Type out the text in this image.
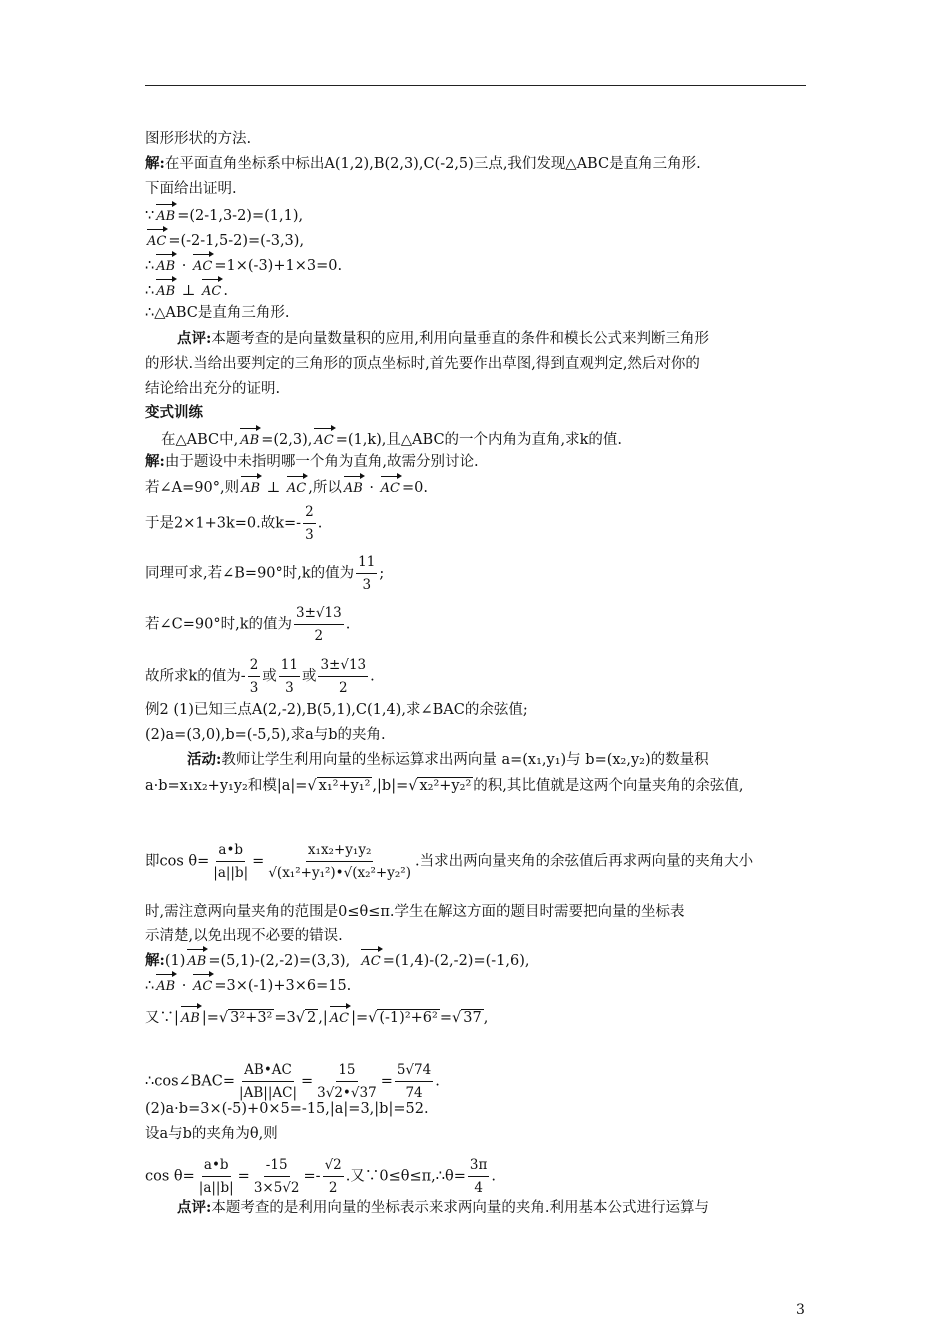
图形形状的方法.
解:在平面直角坐标系中标出A(1,2),B(2,3),C(-2,5)三点,我们发现△ABC是直角三角形.
下面给出证明.
∵ AB =(2-1,3-2)=(1,1),
AC =(-2-1,5-2)=(-3,3),
∴ AB · AC =1×(-3)+1×3=0.
∴ AB ⊥ AC .
∴△ABC是直角三角形.
点评:本题考查的是向量数量积的应用,利用向量垂直的条件和模长公式来判断三角形
的形状.当给出要判定的三角形的顶点坐标时,首先要作出草图,得到直观判定,然后对你的
结论给出充分的证明.
变式训练
在△ABC中, AB =(2,3), AC =(1,k),且△ABC的一个内角为直角,求k的值.
解:由于题设中未指明哪一个角为直角,故需分别讨论.
若∠A=90°,则 AB ⊥ AC ,所以 AB · AC =0.
于是2×1+3k=0.故$k=- \frac{2}{3}$ .
同理可求,若∠B=90°时,k的值为 $\frac{11}{3}$ ;
若∠C=90°时,k的值为 $\frac{3\pm√13}{2}$ .
故所求k的值为- $\frac{2}{3}$ 或 $\frac{11}{3}$ 或 $\frac{3\pm√13}{2}$ .
例2 (1)已知三点A(2,-2),B(5,1),C(1,4),求∠BAC的余弦值;
(2)a=(3,0),b=(-5,5),求a与b的夹角.
活动:教师让学生利用向量的坐标运算求出两向量 a=(x₁,y₁)与 b=(x₂,y₂)的数量积
a·b=x₁x₂+y₁y₂和模|a|=√ x₁²+y₁² ,|b|=√ x₂²+y₂² 的积,其比值就是这两个向量夹角的余弦值,
即$\cos \theta= \frac{a•b}{|a||b|} = \frac{\text{x₁x₂+y₁y₂}}{\text{√(x₁²+y₁²)•√(x₂²+y₂²)}}$ .当求出两向量夹角的余弦值后再求两向量的夹角大小
时,需注意两向量夹角的范围是0≤θ≤π.学生在解这方面的题目时需要把向量的坐标表
示清楚,以免出现不必要的错误.
解:(1) AB =(5,1)-(2,-2)=(3,3), AC =(1,4)-(2,-2)=(-1,6),
∴ AB · AC =3×(-1)+3×6=15.
又∵| AB |=√ 3²+3² =3√ 2 ,| AC |=√ (-1)²+6² =√ 37 ,
∴cos∠BAC= $\frac{AB•AC}{|AB||AC|} = \frac{15}{3√2•√37} = \frac{5√74}{74}$ .
(2)a·b=3×(-5)+0×5=-15,|a|=3,|b|=52.
设a与b的夹角为θ,则
$\cos \theta= \frac{a•b}{|a||b|} = \frac{-15}{3\times 5√2} =- \frac{√2}{2}$ .又∵0≤θ≤π,∴θ= $\frac{3\pi}{4}$ .
点评:本题考查的是利用向量的坐标表示来求两向量的夹角.利用基本公式进行运算与
3
